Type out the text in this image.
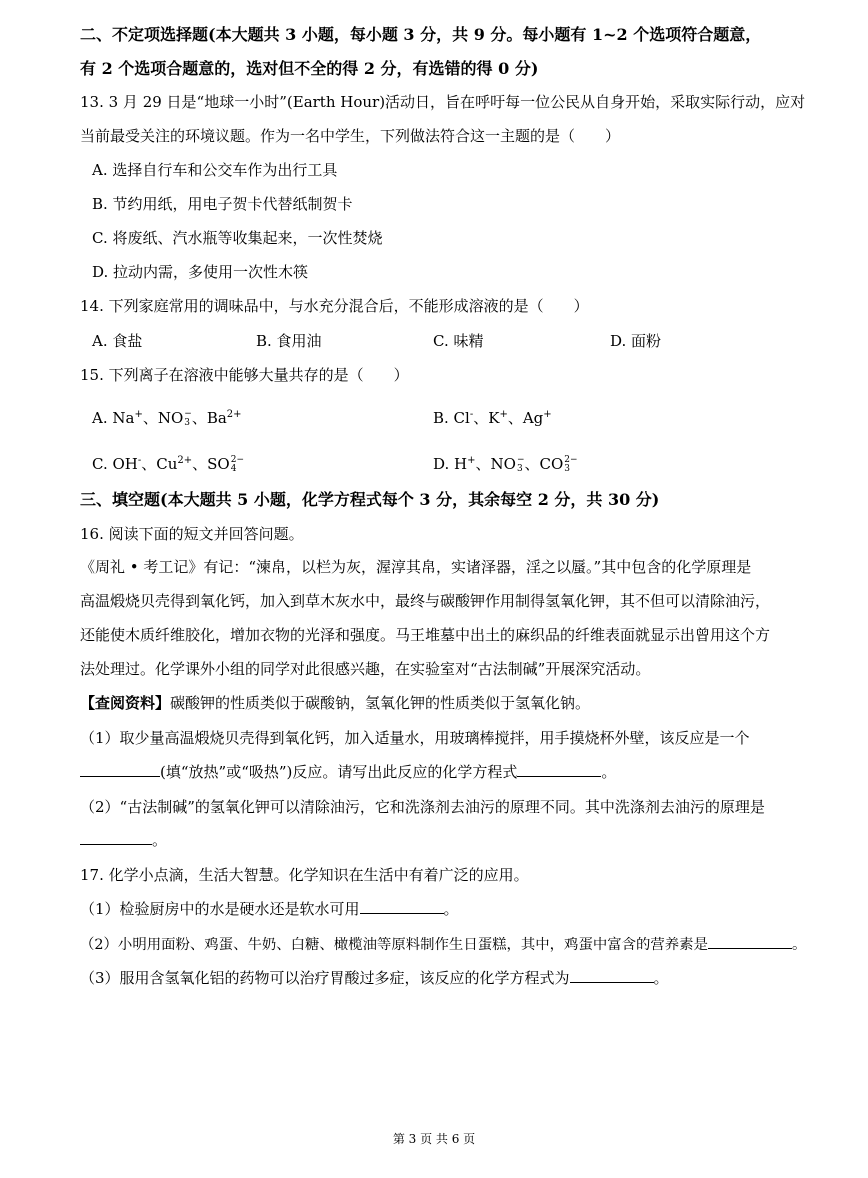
二、不定项选择题(本大题共 3 小题，每小题 3 分，共 9 分。每小题有 1~2 个选项符合题意，
有 2 个选项合题意的，选对但不全的得 2 分，有选错的得 0 分)
13. 3 月 29 日是“地球一小时”(Earth Hour)活动日，旨在呼吁每一位公民从自身开始，采取实际行动，应对
当前最受关注的环境议题。作为一名中学生，下列做法符合这一主题的是（　　）
A. 选择自行车和公交车作为出行工具
B. 节约用纸，用电子贺卡代替纸制贺卡
C. 将废纸、汽水瓶等收集起来，一次性焚烧
D. 拉动内需，多使用一次性木筷
14. 下列家庭常用的调味品中，与水充分混合后，不能形成溶液的是（　　）
A. 食盐	B. 食用油	C. 味精	D. 面粉
15. 下列离子在溶液中能够大量共存的是（　　）
A. Na+、NO −
3 、$Ba^{2+}$	B. Cl-、K+、Ag+
C. OH-、$Cu^{2+}$、SO 2−
4	D. H+、NO −
3 、CO 2−
3
三、填空题(本大题共 5 小题，化学方程式每个 3 分，其余每空 2 分，共 30 分)
16. 阅读下面的短文并回答问题。
《周礼 • 考工记》有记：“湅帛，以栏为灰，渥淳其帛，实诸泽器，淫之以蜃。”其中包含的化学原理是
高温煅烧贝壳得到氧化钙，加入到草木灰水中，最终与碳酸钾作用制得氢氧化钾，其不但可以清除油污，
还能使木质纤维胶化，增加衣物的光泽和强度。马王堆墓中出土的麻织品的纤维表面就显示出曾用这个方
法处理过。化学课外小组的同学对此很感兴趣，在实验室对“古法制碱”开展深究活动。
【查阅资料】碳酸钾的性质类似于碳酸钠，氢氧化钾的性质类似于氢氧化钠。
（1）取少量高温煅烧贝壳得到氧化钙，加入适量水，用玻璃棒搅拌，用手摸烧杯外壁，该反应是一个
(填“放热”或“吸热”)反应。请写出此反应的化学方程式	。
（2）“古法制碱”的氢氧化钾可以清除油污，它和洗涤剂去油污的原理不同。其中洗涤剂去油污的原理是
。
17. 化学小点滴，生活大智慧。化学知识在生活中有着广泛的应用。
（1）检验厨房中的水是硬水还是软水可用	。
（2）小明用面粉、鸡蛋、牛奶、白糖、橄榄油等原料制作生日蛋糕，其中，鸡蛋中富含的营养素是	。
（3）服用含氢氧化铝的药物可以治疗胃酸过多症，该反应的化学方程式为	。
第 3 页 共 6 页
